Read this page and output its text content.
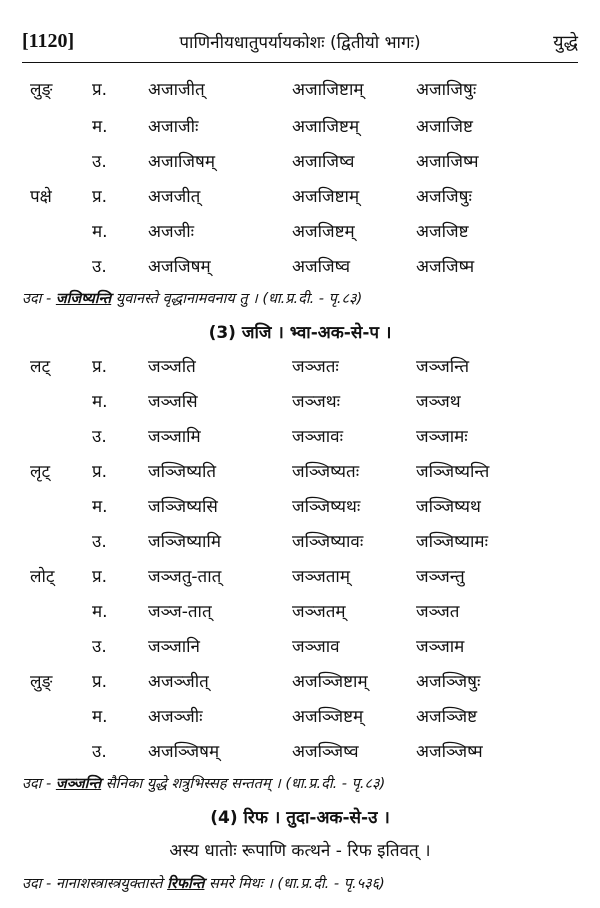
[1120]	पाणिनीयधातुपर्यायकोशः (द्वितीयो भागः)	युद्धे
लुङ् प्र. अजाजीत्	अजाजिष्टाम्	अजाजिषुः
म. अजाजीः	अजाजिष्टम्	अजाजिष्ट
उ. अजाजिषम्	अजाजिष्व	अजाजिष्म
पक्षे प्र. अजजीत्	अजजिष्टाम्	अजजिषुः
म. अजजीः	अजजिष्टम्	अजजिष्ट
उ. अजजिषम्	अजजिष्व	अजजिष्म
उदा - जजिष्यन्ति युवानस्ते वृद्धानामवनाय तु । (धा.प्र.दी. - पृ.८३)
(3) जजि । भ्वा-अक-से-प ।
लट् प्र. जञ्जति	जञ्जतः	जञ्जन्ति
म. जञ्जसि	जञ्जथः	जञ्जथ
उ. जञ्जामि	जञ्जावः	जञ्जामः
लृट् प्र. जञ्जिष्यति	जञ्जिष्यतः	जञ्जिष्यन्ति
म. जञ्जिष्यसि	जञ्जिष्यथः	जञ्जिष्यथ
उ. जञ्जिष्यामि	जञ्जिष्यावः	जञ्जिष्यामः
लोट् प्र. जञ्जतु-तात्	जञ्जताम्	जञ्जन्तु
म. जञ्ज-तात्	जञ्जतम्	जञ्जत
उ. जञ्जानि	जञ्जाव	जञ्जाम
लुङ् प्र. अजञ्जीत्	अजञ्जिष्टाम्	अजञ्जिषुः
म. अजञ्जीः	अजञ्जिष्टम्	अजञ्जिष्ट
उ. अजञ्जिषम्	अजञ्जिष्व	अजञ्जिष्म
उदा - जञ्जन्ति सैनिका युद्धे शत्रुभिस्सह सन्ततम् । (धा.प्र.दी. - पृ.८३)
(4) रिफ । तुदा-अक-से-उ ।
अस्य धातोः रूपाणि कत्थने - रिफ इतिवत् ।
उदा - नानाशस्त्रास्त्रयुक्तास्ते रिफन्ति समरे मिथः । (धा.प्र.दी. - पृ.५३६)
